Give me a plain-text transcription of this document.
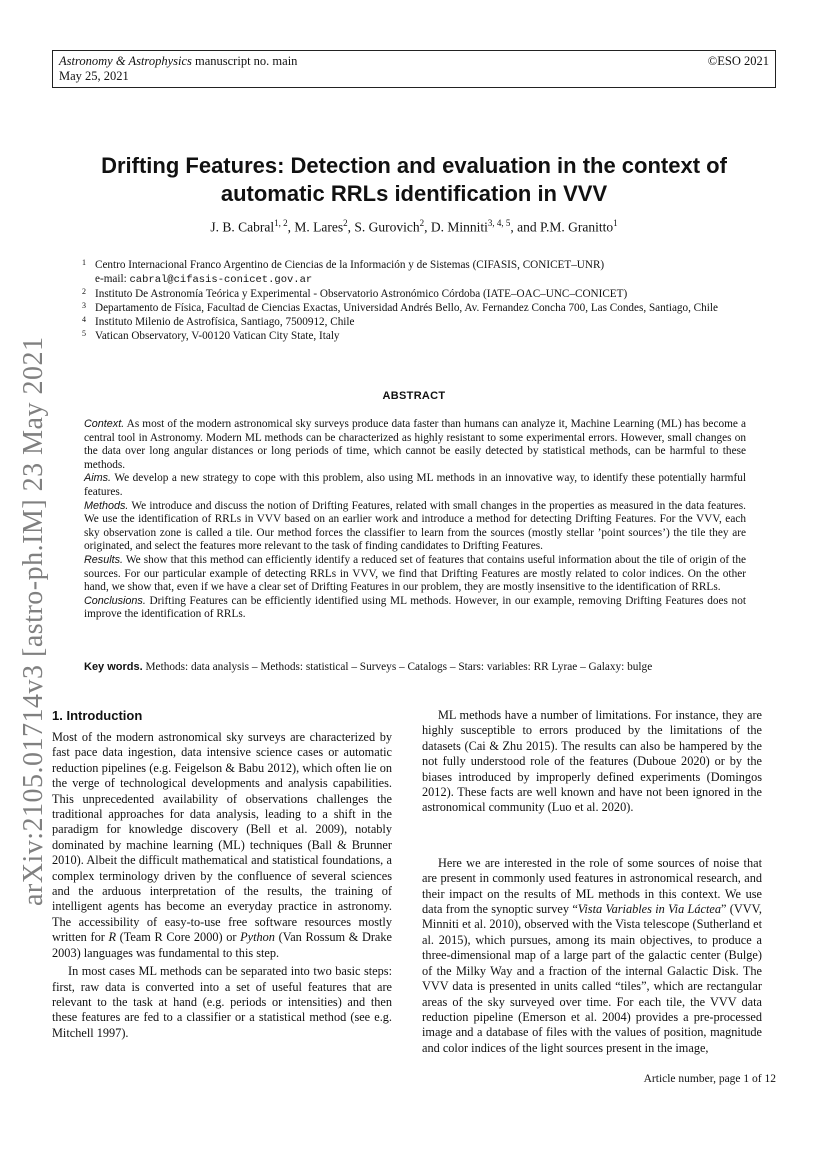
Astronomy & Astrophysics manuscript no. main
May 25, 2021
©ESO 2021
arXiv:2105.01714v3 [astro-ph.IM] 23 May 2021
Drifting Features: Detection and evaluation in the context of
automatic RRLs identification in VVV
J. B. Cabral$^{1, 2}$, M. Lares$^2$, S. Gurovich$^2$, D. Minniti$^{3, 4, 5}$, and P.M. Granitto$^1$
1 Centro Internacional Franco Argentino de Ciencias de la Información y de Sistemas (CIFASIS, CONICET–UNR)
e-mail: cabral@cifasis-conicet.gov.ar
2 Instituto De Astronomía Teórica y Experimental - Observatorio Astronómico Córdoba (IATE–OAC–UNC–CONICET)
3 Departamento de Física, Facultad de Ciencias Exactas, Universidad Andrés Bello, Av. Fernandez Concha 700, Las Condes, Santiago, Chile
4 Instituto Milenio de Astrofísica, Santiago, 7500912, Chile
5 Vatican Observatory, V-00120 Vatican City State, Italy
ABSTRACT

Context. As most of the modern astronomical sky surveys produce data faster than humans can analyze it, Machine Learning (ML) has become a central tool in Astronomy. Modern ML methods can be characterized as highly resistant to some experimental errors. However, small changes on the data over long angular distances or long periods of time, which cannot be easily detected by statistical methods, can be harmful to these methods.

Aims. We develop a new strategy to cope with this problem, also using ML methods in an innovative way, to identify these potentially harmful features.

Methods. We introduce and discuss the notion of Drifting Features, related with small changes in the properties as measured in the data features. We use the identification of RRLs in VVV based on an earlier work and introduce a method for detecting Drifting Features. For the VVV, each sky observation zone is called a tile. Our method forces the classifier to learn from the sources (mostly stellar ’point sources’) the tile they are originated, and select the features more relevant to the task of finding candidates to Drifting Features.

Results. We show that this method can efficiently identify a reduced set of features that contains useful information about the tile of origin of the sources. For our particular example of detecting RRLs in VVV, we find that Drifting Features are mostly related to color indices. On the other hand, we show that, even if we have a clear set of Drifting Features in our problem, they are mostly insensitive to the identification of RRLs.

Conclusions. Drifting Features can be efficiently identified using ML methods. However, in our example, removing Drifting Features does not improve the identification of RRLs.

Key words. Methods: data analysis – Methods: statistical – Surveys – Catalogs – Stars: variables: RR Lyrae – Galaxy: bulge
1. Introduction

Most of the modern astronomical sky surveys are characterized by fast pace data ingestion, data intensive science cases or automatic reduction pipelines (e.g. Feigelson & Babu 2012), which often lie on the verge of technological developments and analysis capabilities. This unprecedented availability of observations challenges the traditional approaches for data analysis, leading to a shift in the paradigm for knowledge discovery (Bell et al. 2009), notably dominated by machine learning (ML) techniques (Ball & Brunner 2010). Albeit the difficult mathematical and statistical foundations, a complex terminology driven by the confluence of several sciences and the arduous interpretation of the results, the training of intelligent agents has become an everyday practice in astronomy. The accessibility of easy-to-use free software resources mostly written for R (Team R Core 2000) or Python (Van Rossum & Drake 2003) languages was fundamental to this step.

In most cases ML methods can be separated into two basic steps: first, raw data is converted into a set of useful features that are relevant to the task at hand (e.g. periods or intensities) and then these features are fed to a classifier or a statistical method (see e.g. Mitchell 1997).

ML methods have a number of limitations. For instance, they are highly susceptible to errors produced by the limitations of the datasets (Cai & Zhu 2015). The results can also be hampered by the not fully understood role of the features (Duboue 2020) or by the biases introduced by improperly defined experiments (Domingos 2012). These facts are well known and have not been ignored in the astronomical community (Luo et al. 2020).

Here we are interested in the role of some sources of noise that are present in commonly used features in astronomical research, and their impact on the results of ML methods in this context. We use data from the synoptic survey “Vista Variables in Via Láctea” (VVV, Minniti et al. 2010), observed with the Vista telescope (Sutherland et al. 2015), which pursues, among its main objectives, to produce a three-dimensional map of a large part of the galactic center (Bulge) of the Milky Way and a fraction of the internal Galactic Disk. The VVV data is presented in units called “tiles”, which are rectangular areas of the sky surveyed over time. For each tile, the VVV data reduction pipeline (Emerson et al. 2004) provides a pre-processed image and a database of files with the values of position, magnitude and color indices of the light sources present in the image,

Article number, page 1 of 12
